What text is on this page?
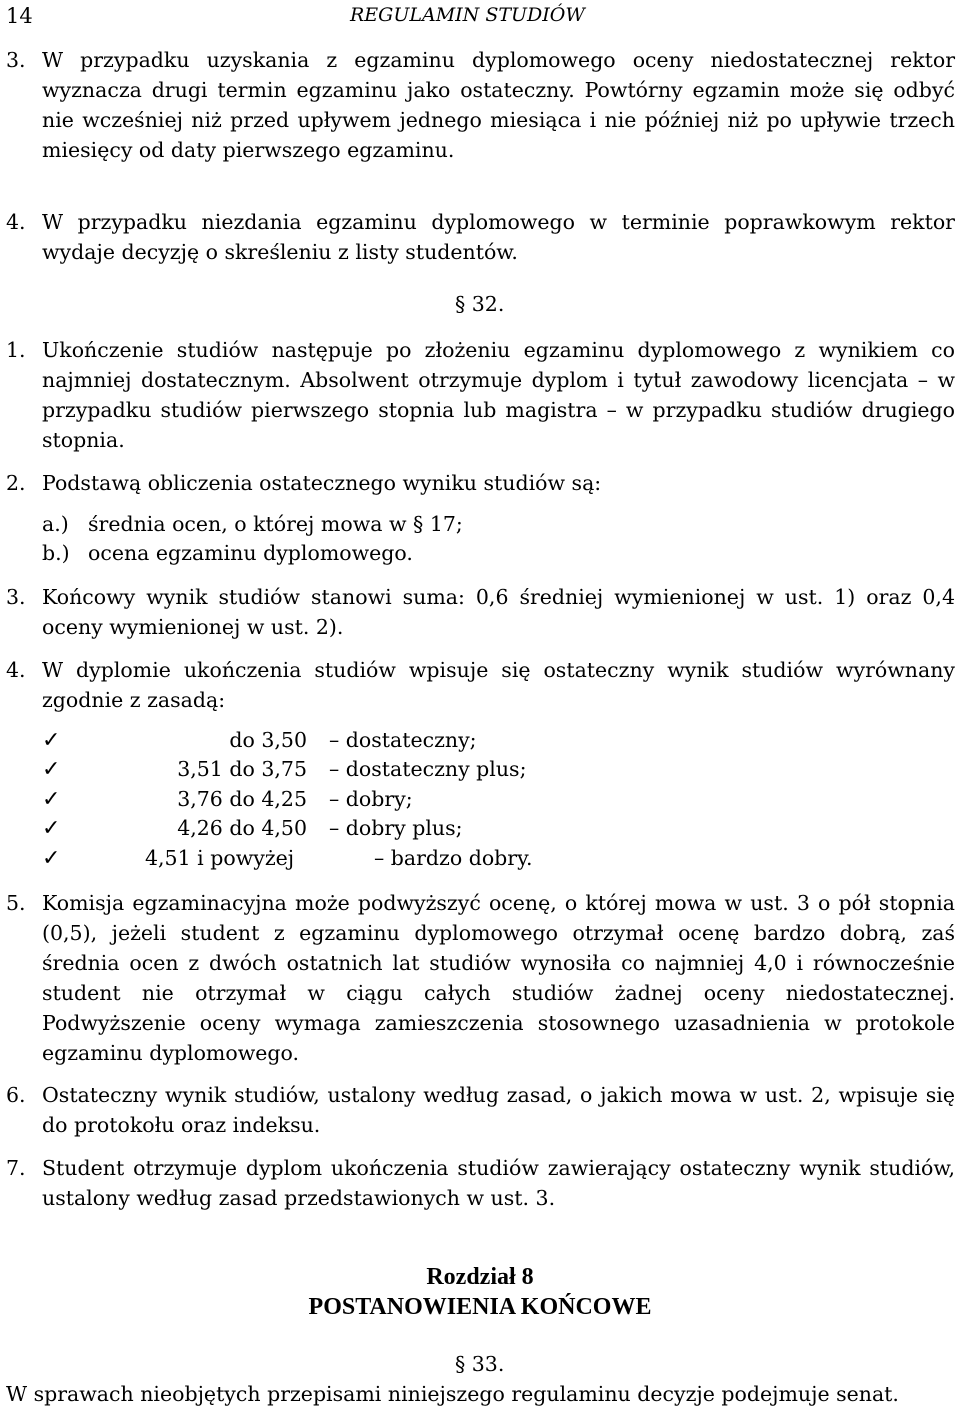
14	REGULAMIN STUDIÓW
3. W przypadku uzyskania z egzaminu dyplomowego oceny niedostatecznej rektor wyznacza drugi termin egzaminu jako ostateczny. Powtórny egzamin może się odbyć nie wcześniej niż przed upływem jednego miesiąca i nie później niż po upływie trzech miesięcy od daty pierwszego egzaminu.
4. W przypadku niezdania egzaminu dyplomowego w terminie poprawkowym rektor wydaje decyzję o skreśleniu z listy studentów.
§ 32.
1. Ukończenie studiów następuje po złożeniu egzaminu dyplomowego z wynikiem co najmniej dostatecznym. Absolwent otrzymuje dyplom i tytuł zawodowy licencjata – w przypadku studiów pierwszego stopnia lub magistra – w przypadku studiów drugiego stopnia.
2. Podstawą obliczenia ostatecznego wyniku studiów są:
a.) średnia ocen, o której mowa w § 17;
b.) ocena egzaminu dyplomowego.
3. Końcowy wynik studiów stanowi suma: 0,6 średniej wymienionej w ust. 1) oraz 0,4 oceny wymienionej w ust. 2).
4. W dyplomie ukończenia studiów wpisuje się ostateczny wynik studiów wyrównany zgodnie z zasadą:
✓	do 3,50 – dostateczny;
✓	3,51 do 3,75 – dostateczny plus;
✓	3,76 do 4,25 – dobry;
✓	4,26 do 4,50 – dobry plus;
✓	4,51 i powyżej	– bardzo dobry.
5. Komisja egzaminacyjna może podwyższyć ocenę, o której mowa w ust. 3 o pół stopnia (0,5), jeżeli student z egzaminu dyplomowego otrzymał ocenę bardzo dobrą, zaś średnia ocen z dwóch ostatnich lat studiów wynosiła co najmniej 4,0 i równocześnie student nie otrzymał w ciągu całych studiów żadnej oceny niedostatecznej. Podwyższenie oceny wymaga zamieszczenia stosownego uzasadnienia w protokole egzaminu dyplomowego.
6. Ostateczny wynik studiów, ustalony według zasad, o jakich mowa w ust. 2, wpisuje się do protokołu oraz indeksu.
7. Student otrzymuje dyplom ukończenia studiów zawierający ostateczny wynik studiów, ustalony według zasad przedstawionych w ust. 3.
Rozdział 8
POSTANOWIENIA KOŃCOWE
§ 33.
W sprawach nieobjętych przepisami niniejszego regulaminu decyzje podejmuje senat.
